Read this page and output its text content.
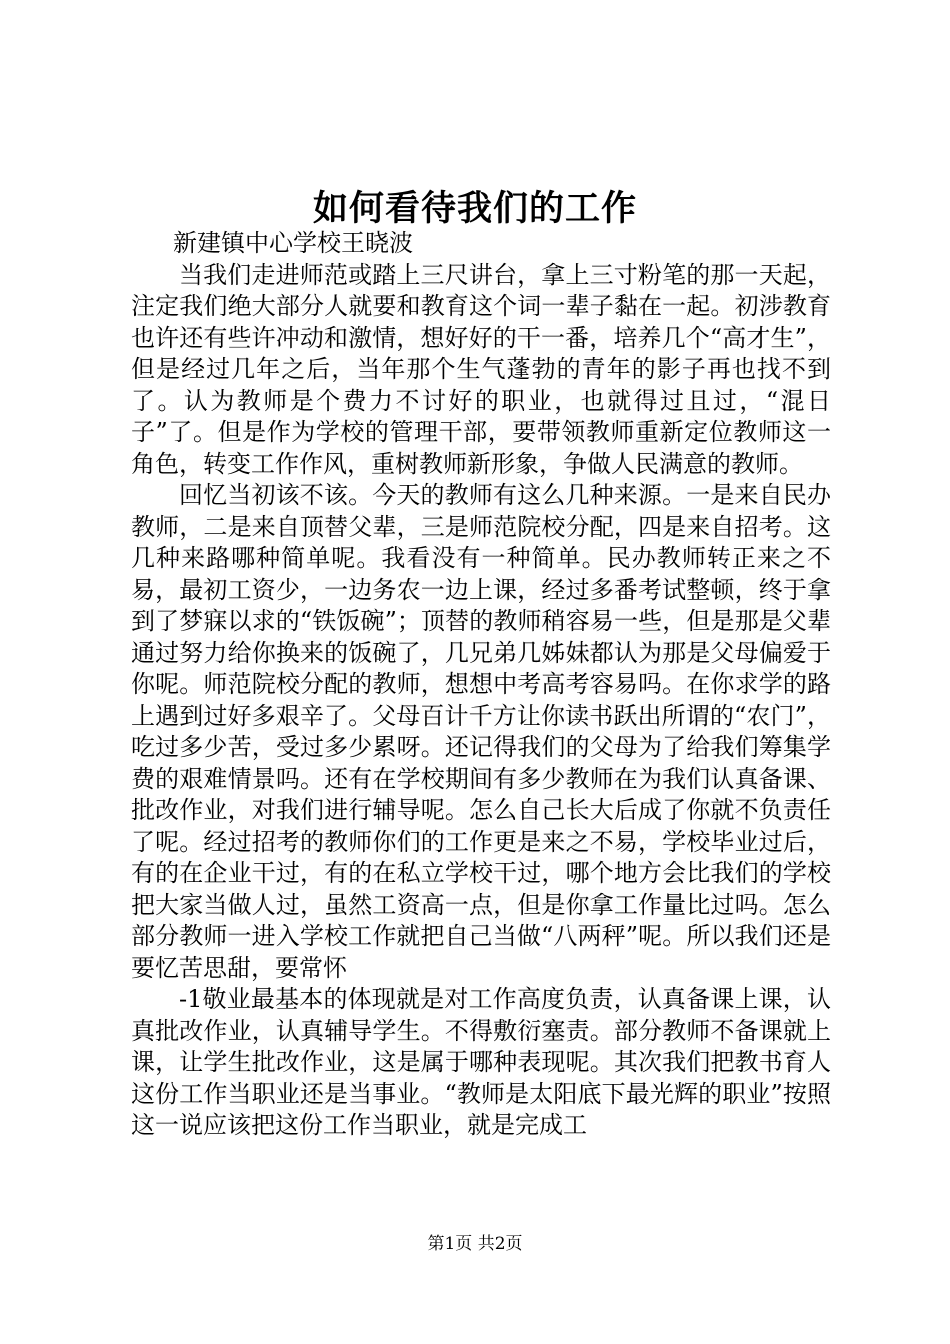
如何看待我们的工作

新建镇中心学校王晓波

当我们走进师范或踏上三尺讲台，拿上三寸粉笔的那一天起，注定我们绝大部分人就要和教育这个词一辈子黏在一起。初涉教育也许还有些许冲动和激情，想好好的干一番，培养几个“高才生”，但是经过几年之后，当年那个生气蓬勃的青年的影子再也找不到了。认为教师是个费力不讨好的职业，也就得过且过，“混日子”了。但是作为学校的管理干部，要带领教师重新定位教师这一角色，转变工作作风，重树教师新形象，争做人民满意的教师。

回忆当初该不该。今天的教师有这么几种来源。一是来自民办教师，二是来自顶替父辈，三是师范院校分配，四是来自招考。这几种来路哪种简单呢。我看没有一种简单。民办教师转正来之不易，最初工资少，一边务农一边上课，经过多番考试整顿，终于拿到了梦寐以求的“铁饭碗”；顶替的教师稍容易一些，但是那是父辈通过努力给你换来的饭碗了，几兄弟几姊妹都认为那是父母偏爱于你呢。师范院校分配的教师，想想中考高考容易吗。在你求学的路上遇到过好多艰辛了。父母百计千方让你读书跃出所谓的“农门”，吃过多少苦，受过多少累呀。还记得我们的父母为了给我们筹集学费的艰难情景吗。还有在学校期间有多少教师在为我们认真备课、批改作业，对我们进行辅导呢。怎么自己长大后成了你就不负责任了呢。经过招考的教师你们的工作更是来之不易，学校毕业过后，有的在企业干过，有的在私立学校干过，哪个地方会比我们的学校把大家当做人过，虽然工资高一点，但是你拿工作量比过吗。怎么部分教师一进入学校工作就把自己当做“八两秤”呢。所以我们还是要忆苦思甜，要常怀

-1敬业最基本的体现就是对工作高度负责，认真备课上课，认真批改作业，认真辅导学生。不得敷衍塞责。部分教师不备课就上课，让学生批改作业，这是属于哪种表现呢。其次我们把教书育人这份工作当职业还是当事业。“教师是太阳底下最光辉的职业”按照这一说应该把这份工作当职业，就是完成工

第1页 共2页
